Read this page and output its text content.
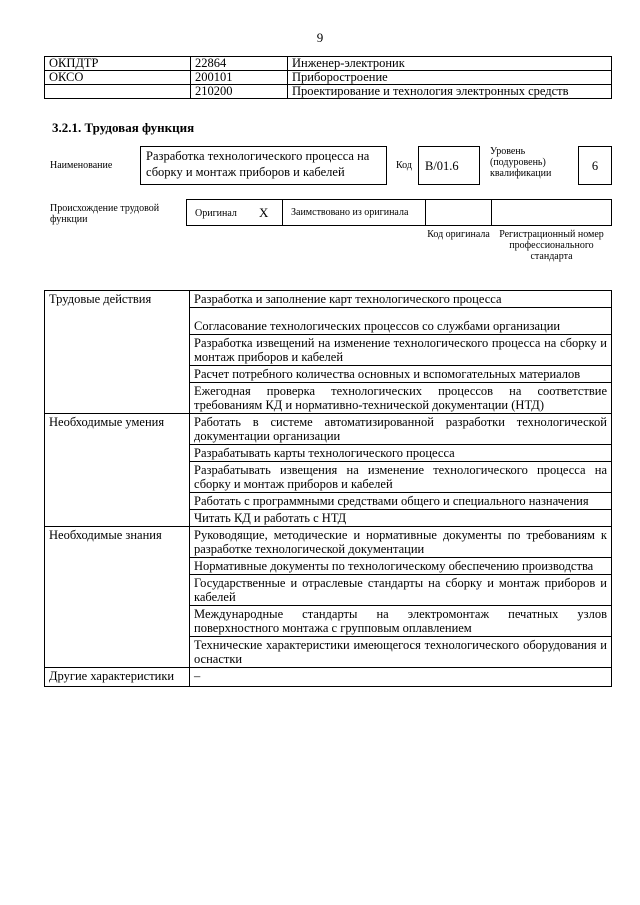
9
ОКПДТР	22864	Инженер-электроник
ОКСО	200101	Приборостроение
	210200	Проектирование и технология электронных средств
3.2.1. Трудовая функция
Наименование
Разработка технологического процесса на сборку и монтаж приборов и кабелей	Код	В/01.6
Уровень (подуровень) квалификации
6
Происхождение трудовой функции
Оригинал X	Заимствовано из оригинала
Код оригинала Регистрационный номер профессионального стандарта
Трудовые действия	Разработка и заполнение карт технологического процесса
	Согласование технологических процессов со службами организации
	Разработка извещений на изменение технологического процесса на сборку и монтаж приборов и кабелей
	Расчет потребного количества основных и вспомогательных материалов
	Ежегодная проверка технологических процессов на соответствие требованиям КД и нормативно-технической документации (НТД)
Необходимые умения	Работать в системе автоматизированной разработки технологической документации организации
	Разрабатывать карты технологического процесса
	Разрабатывать извещения на изменение технологического процесса на сборку и монтаж приборов и кабелей
	Работать с программными средствами общего и специального назначения
	Читать КД и работать с НТД
Необходимые знания	Руководящие, методические и нормативные документы по требованиям к разработке технологической документации
	Нормативные документы по технологическому обеспечению производства
	Государственные и отраслевые стандарты на сборку и монтаж приборов и кабелей
	Международные стандарты на электромонтаж печатных узлов поверхностного монтажа с групповым оплавлением
	Технические характеристики имеющегося технологического оборудования и оснастки
Другие характеристики	–
